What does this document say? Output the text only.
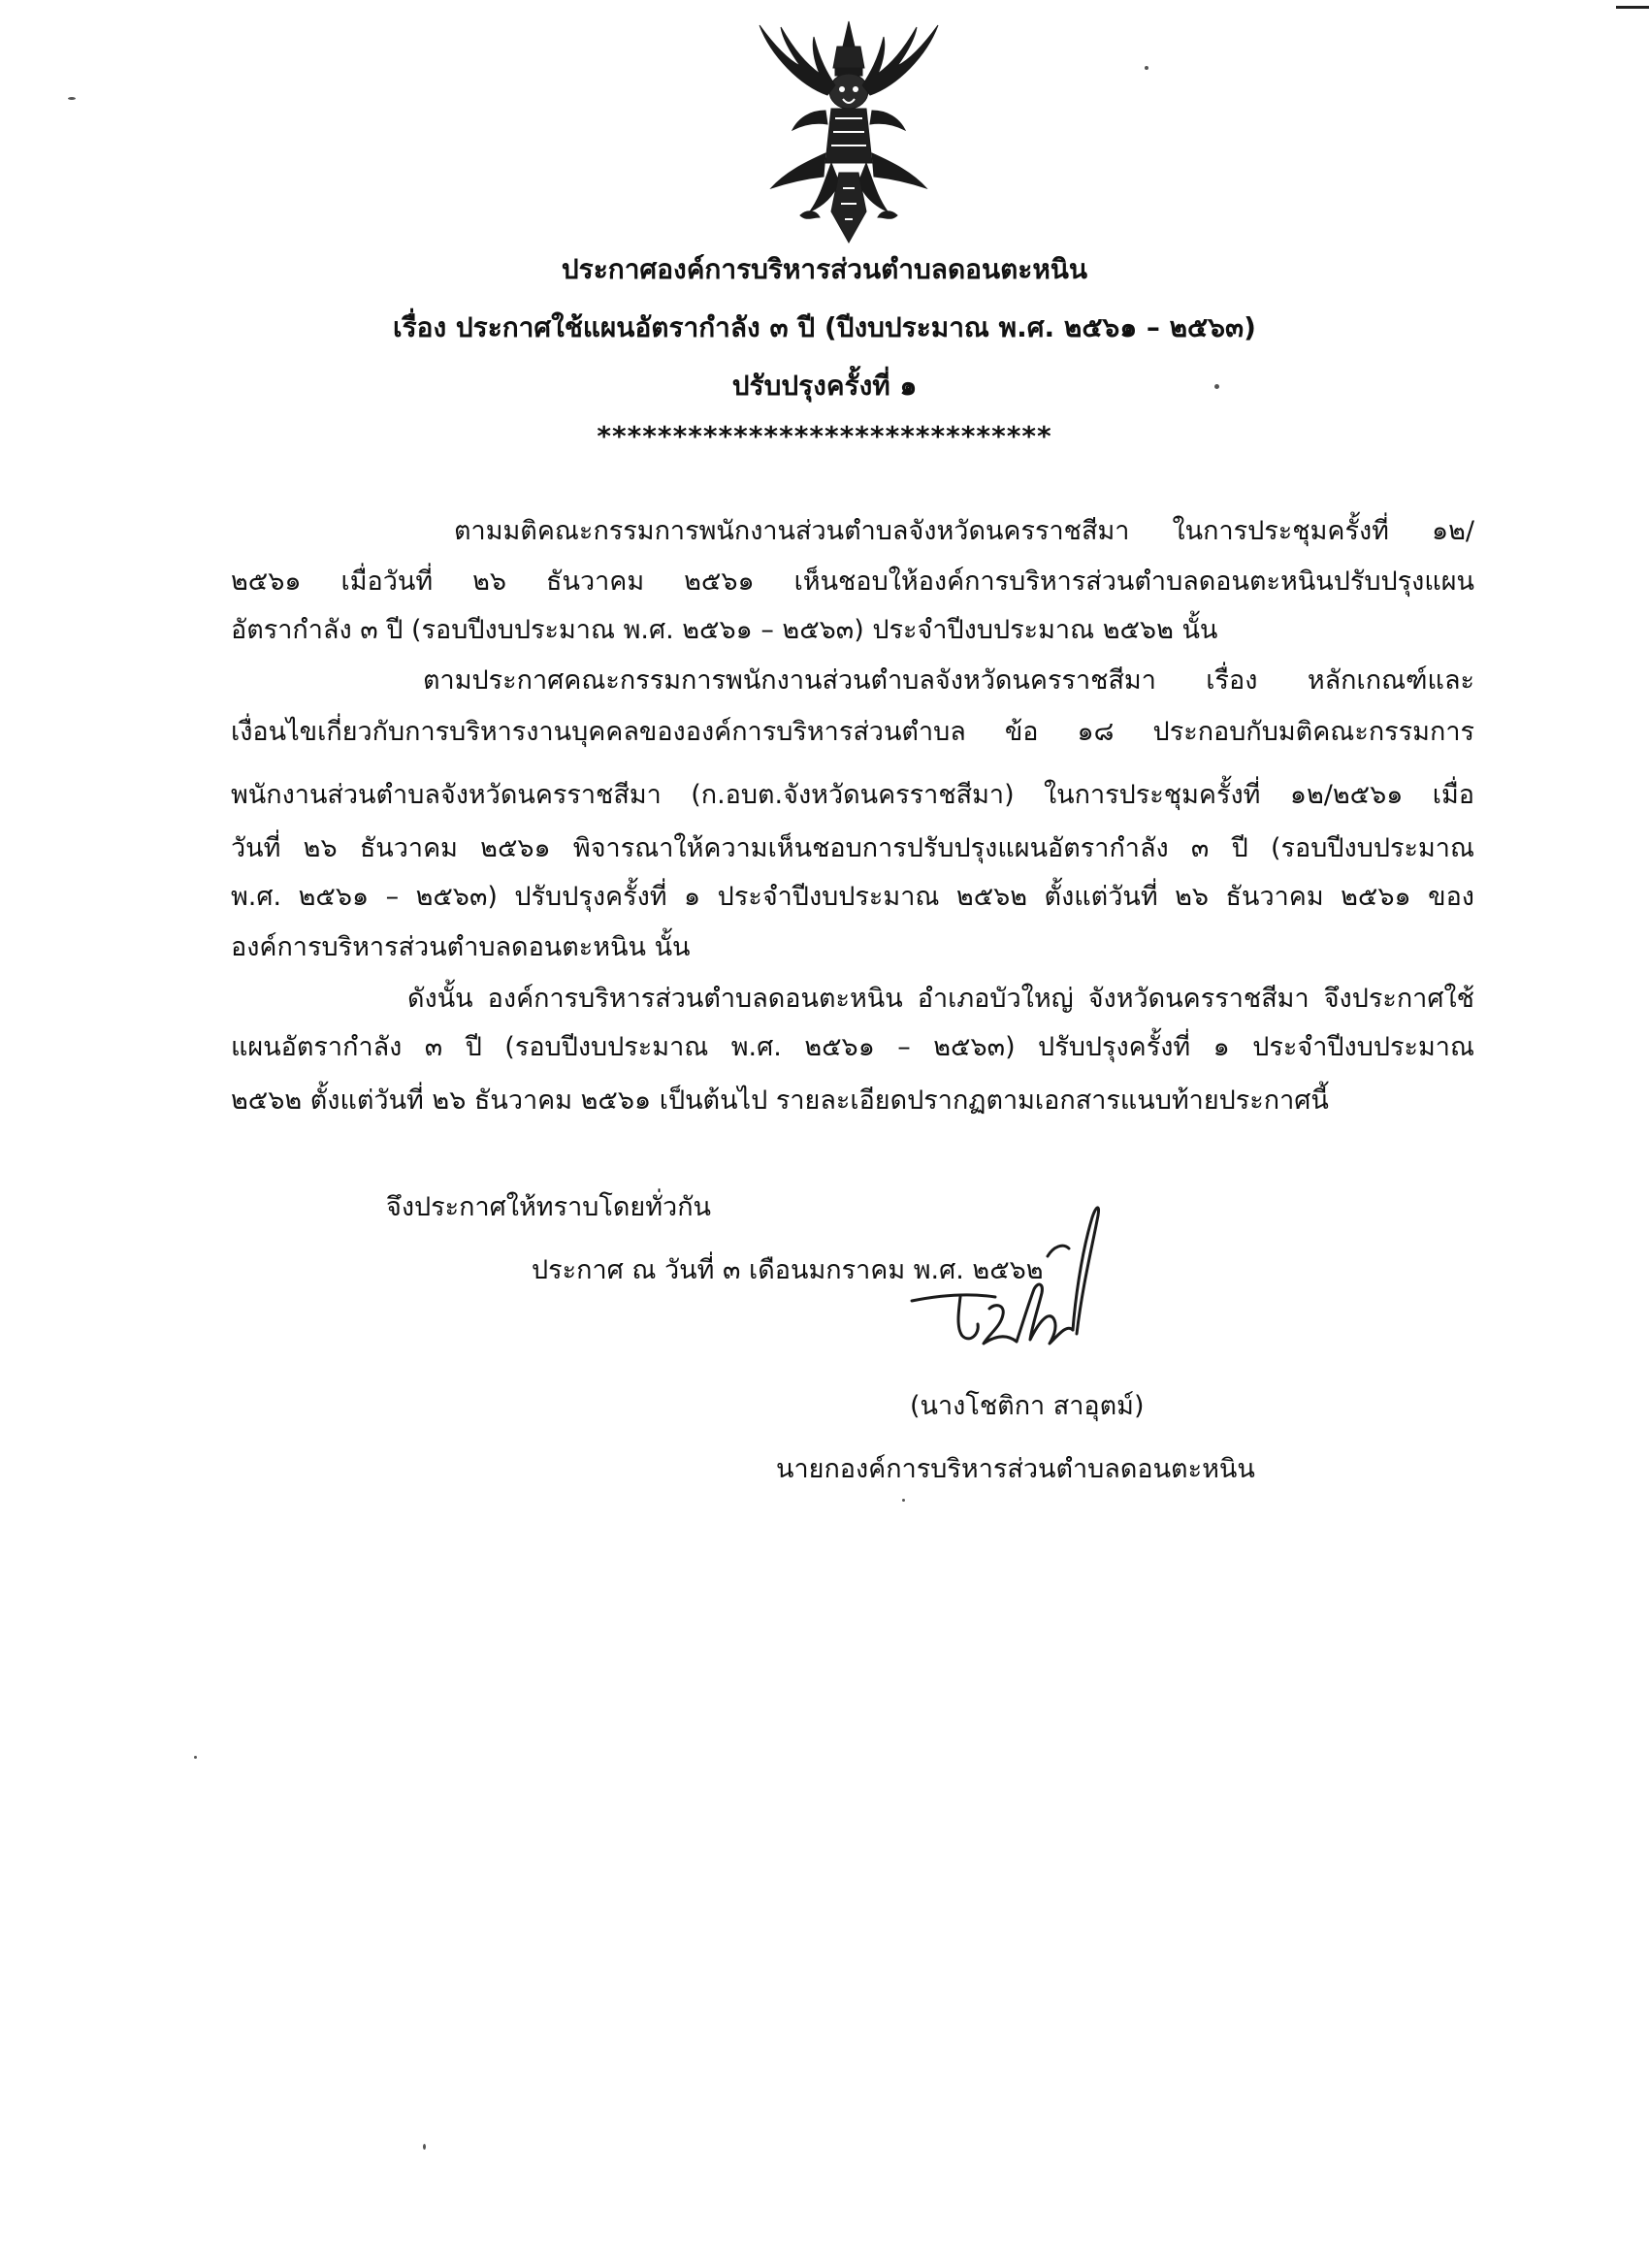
ประกาศองค์การบริหารส่วนตำบลดอนตะหนิน
เรื่อง ประกาศใช้แผนอัตรากำลัง ๓ ปี (ปีงบประมาณ พ.ศ. ๒๕๖๑ – ๒๕๖๓)
ปรับปรุงครั้งที่ ๑
******************************
ตามมติคณะกรรมการพนักงานส่วนตำบลจังหวัดนครราชสีมา ในการประชุมครั้งที่ ๑๒/
๒๕๖๑ เมื่อวันที่ ๒๖ ธันวาคม ๒๕๖๑ เห็นชอบให้องค์การบริหารส่วนตำบลดอนตะหนินปรับปรุงแผน
อัตรากำลัง ๓ ปี (รอบปีงบประมาณ พ.ศ. ๒๕๖๑ – ๒๕๖๓) ประจำปีงบประมาณ ๒๕๖๒ นั้น
ตามประกาศคณะกรรมการพนักงานส่วนตำบลจังหวัดนครราชสีมา เรื่อง หลักเกณฑ์และ
เงื่อนไขเกี่ยวกับการบริหารงานบุคคลขององค์การบริหารส่วนตำบล ข้อ ๑๘ ประกอบกับมติคณะกรรมการ
พนักงานส่วนตำบลจังหวัดนครราชสีมา (ก.อบต.จังหวัดนครราชสีมา) ในการประชุมครั้งที่ ๑๒/๒๕๖๑ เมื่อ
วันที่ ๒๖ ธันวาคม ๒๕๖๑ พิจารณาให้ความเห็นชอบการปรับปรุงแผนอัตรากำลัง ๓ ปี (รอบปีงบประมาณ
พ.ศ. ๒๕๖๑ – ๒๕๖๓) ปรับปรุงครั้งที่ ๑ ประจำปีงบประมาณ ๒๕๖๒ ตั้งแต่วันที่ ๒๖ ธันวาคม ๒๕๖๑ ของ
องค์การบริหารส่วนตำบลดอนตะหนิน นั้น
ดังนั้น องค์การบริหารส่วนตำบลดอนตะหนิน อำเภอบัวใหญ่ จังหวัดนครราชสีมา จึงประกาศใช้
แผนอัตรากำลัง ๓ ปี (รอบปีงบประมาณ พ.ศ. ๒๕๖๑ – ๒๕๖๓) ปรับปรุงครั้งที่ ๑ ประจำปีงบประมาณ
๒๕๖๒ ตั้งแต่วันที่ ๒๖ ธันวาคม ๒๕๖๑ เป็นต้นไป รายละเอียดปรากฏตามเอกสารแนบท้ายประกาศนี้
จึงประกาศให้ทราบโดยทั่วกัน
ประกาศ ณ วันที่ ๓ เดือนมกราคม พ.ศ. ๒๕๖๒
(นางโชติกา สาอุตม์)
นายกองค์การบริหารส่วนตำบลดอนตะหนิน
